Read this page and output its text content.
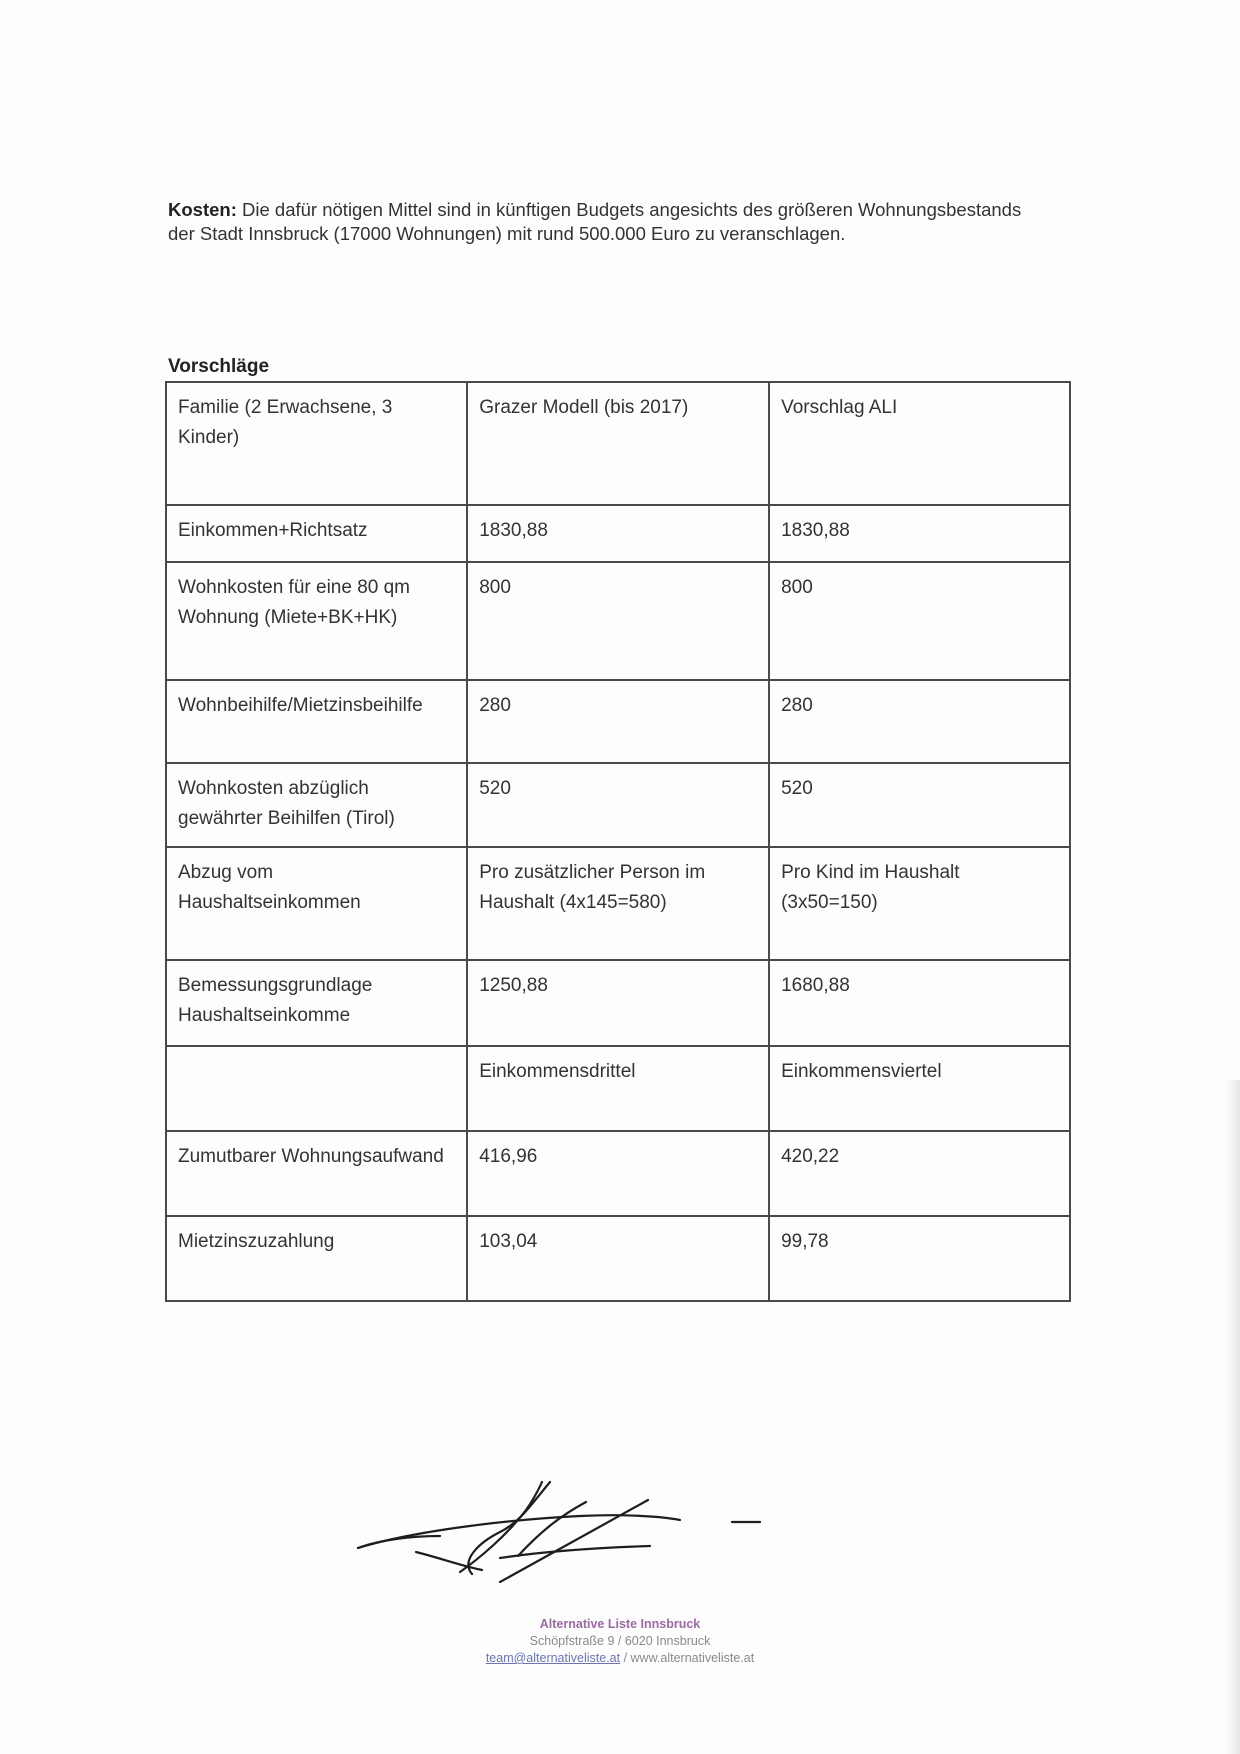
Kosten: Die dafür nötigen Mittel sind in künftigen Budgets angesichts des größeren Wohnungsbestands der Stadt Innsbruck (17000 Wohnungen) mit rund 500.000 Euro zu veranschlagen.

Vorschläge
Familie (2 Erwachsene, 3 Kinder)	Grazer Modell (bis 2017)	Vorschlag ALI
Einkommen+Richtsatz	1830,88	1830,88
Wohnkosten für eine 80 qm Wohnung (Miete+BK+HK)	800	800
Wohnbeihilfe/Mietzinsbeihilfe	280	280
Wohnkosten abzüglich gewährter Beihilfen (Tirol)	520	520
Abzug vom Haushaltseinkommen	Pro zusätzlicher Person im Haushalt (4x145=580)	Pro Kind im Haushalt (3x50=150)
Bemessungsgrundlage Haushaltseinkomme	1250,88	1680,88
	Einkommensdrittel	Einkommensviertel
Zumutbarer Wohnungsaufwand	416,96	420,22
Mietzinszuzahlung	103,04	99,78
Alternative Liste Innsbruck
Schöpfstraße 9 / 6020 Innsbruck
team@alternativeliste.at / www.alternativeliste.at
